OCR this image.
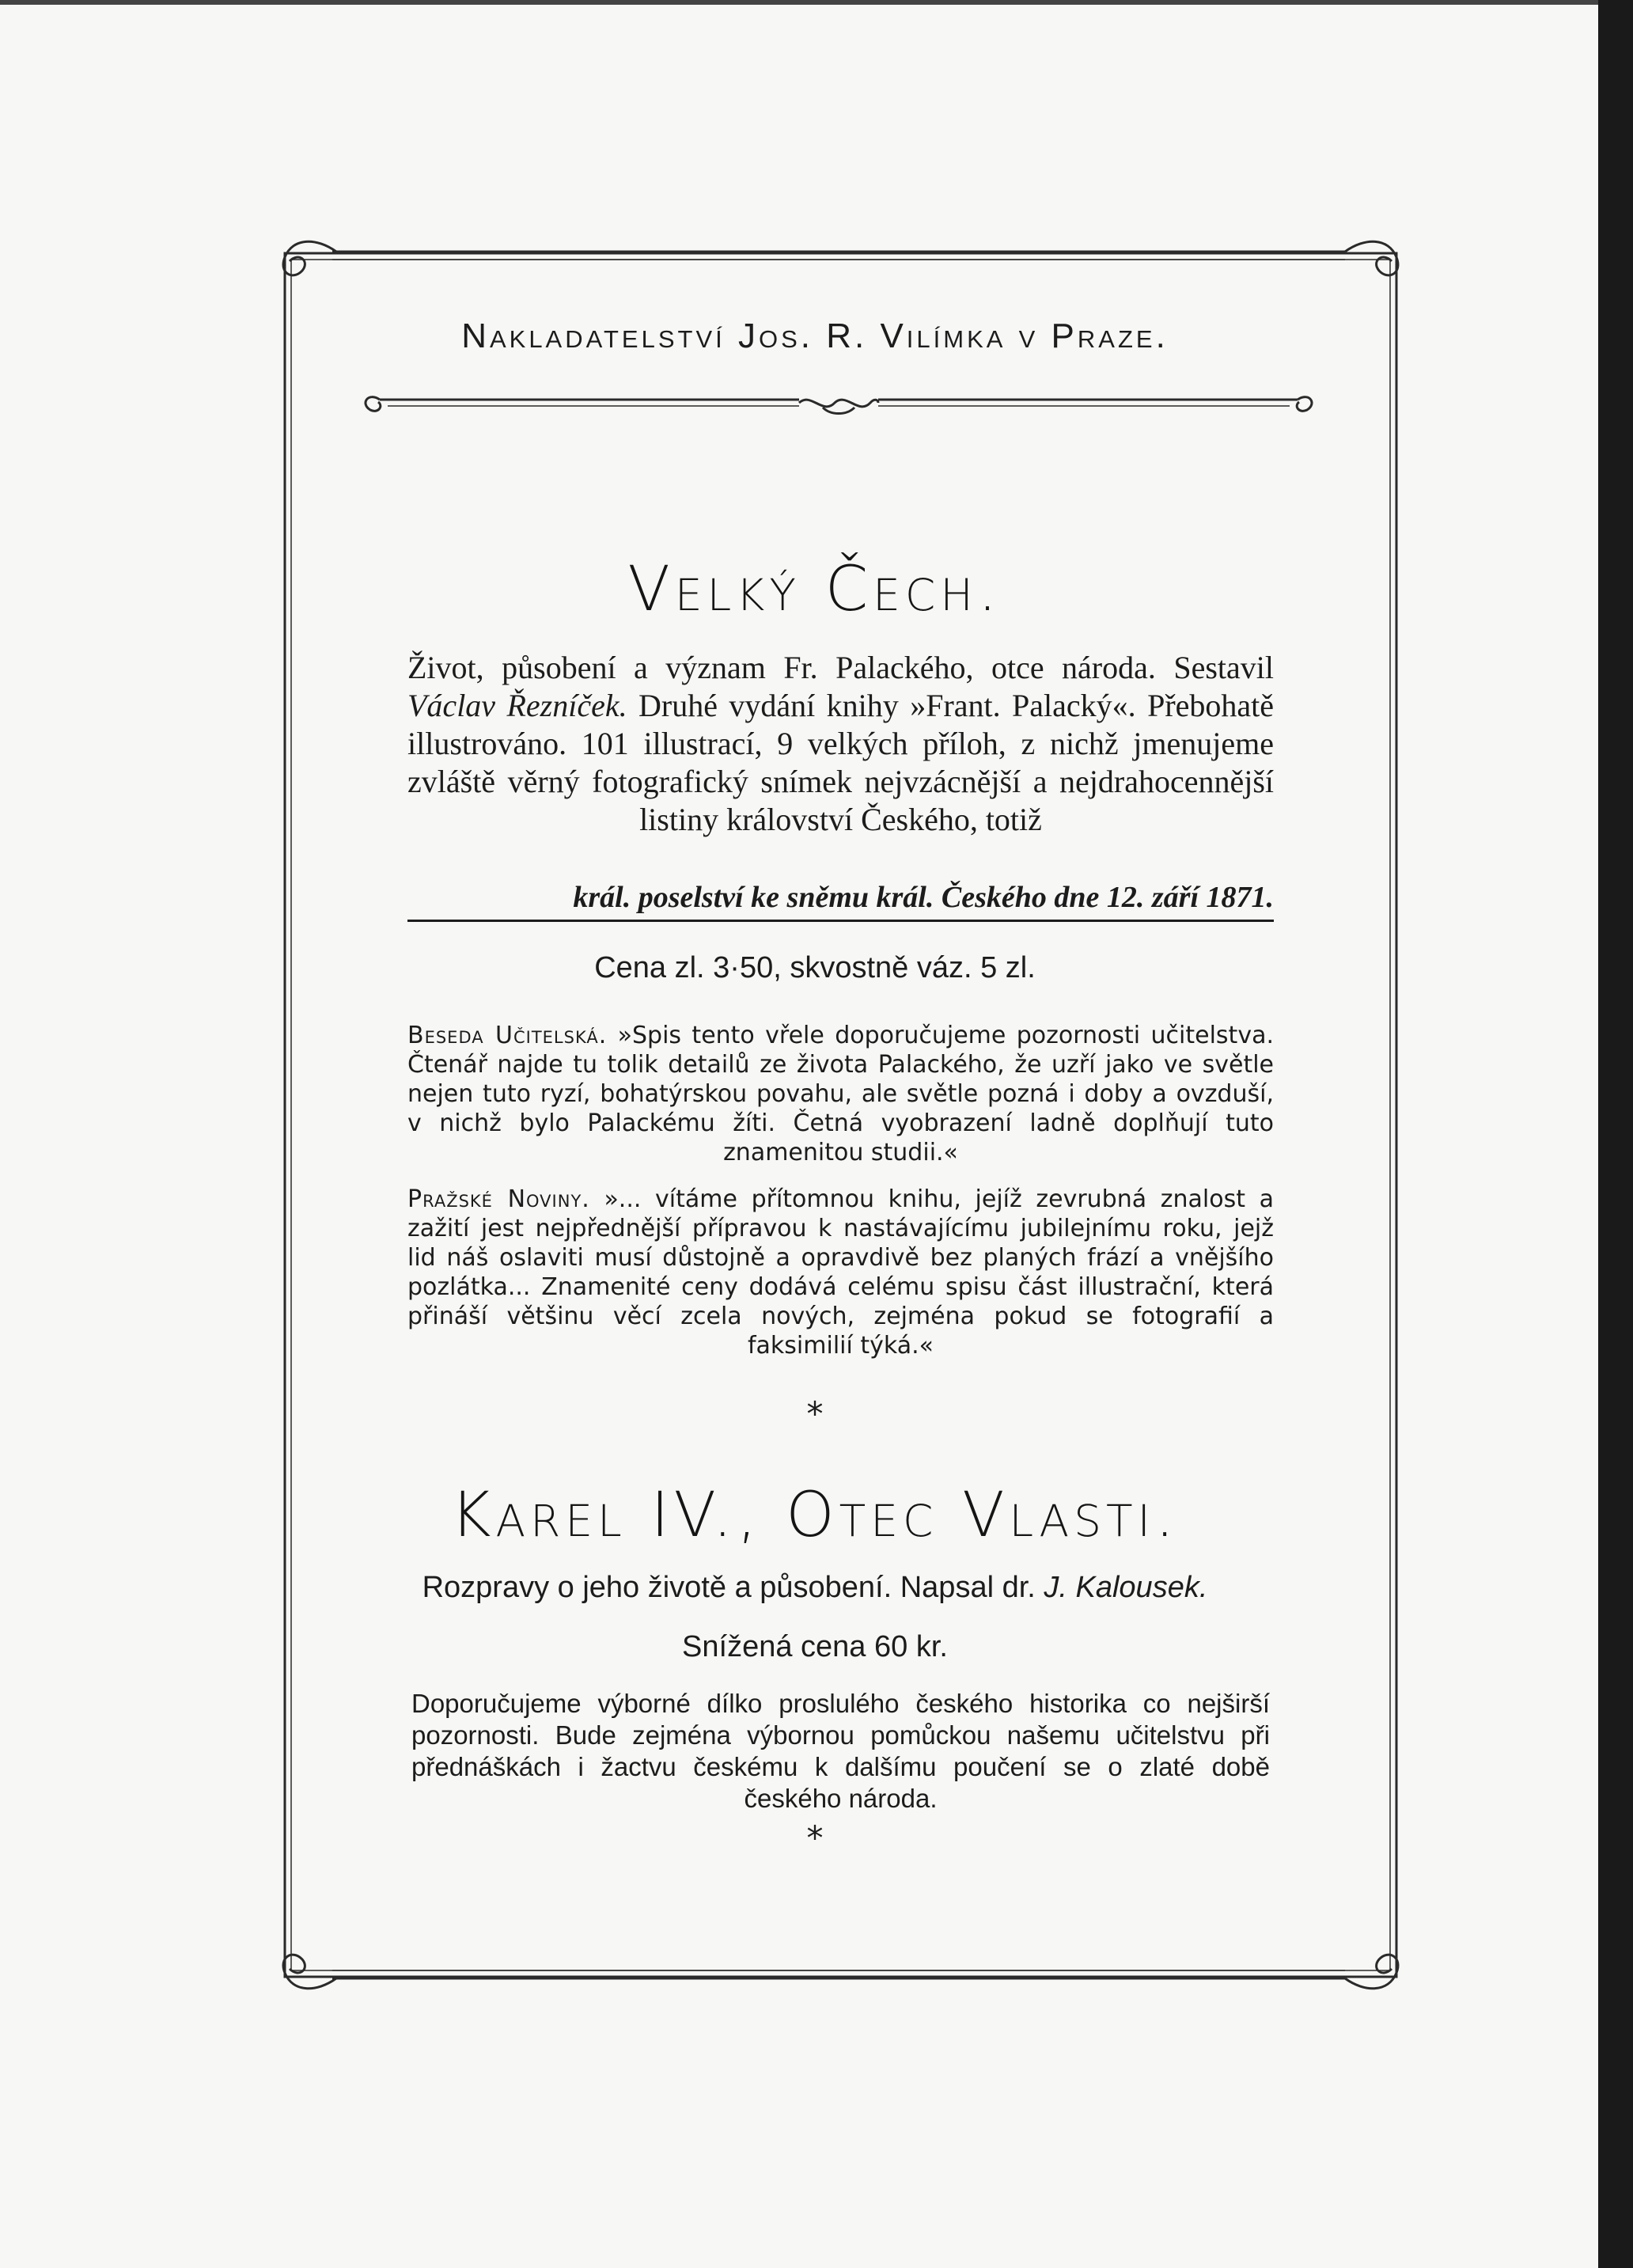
Nakladatelství Jos. R. Vilímka v Praze.
Velký Čech.
Život, působení a význam Fr. Palackého, otce národa. Sestavil Václav Řezníček. Druhé vydání knihy »Frant. Palacký«. Přebohatě illustrováno. 101 illustrací, 9 velkých příloh, z nichž jmenujeme zvláště věrný fotografický snímek nejvzácnější a nejdrahocennější listiny království Českého, totiž
král. poselství ke sněmu král. Českého dne 12. září 1871.
Cena zl. 3·50, skvostně váz. 5 zl.
Beseda Učitelská. »Spis tento vřele doporučujeme pozornosti učitelstva. Čtenář najde tu tolik detailů ze života Palackého, že uzří jako ve světle nejen tuto ryzí, bohatýrskou povahu, ale světle pozná i doby a ovzduší, v nichž bylo Palackému žíti. Četná vyobrazení ladně doplňují tuto znamenitou studii.«
Pražské Noviny. »... vítáme přítomnou knihu, jejíž zevrubná znalost a zažití jest nejpřednější přípravou k nastávajícímu jubilejnímu roku, jejž lid náš oslaviti musí důstojně a opravdivě bez planých frází a vnějšího pozlátka... Znamenité ceny dodává celému spisu část illustrační, která přináší většinu věcí zcela nových, zejména pokud se fotografií a faksimilií týká.«
*
Karel IV., Otec Vlasti.
Rozpravy o jeho životě a působení. Napsal dr. J. Kalousek.
Snížená cena 60 kr.
Doporučujeme výborné dílko proslulého českého historika co nejširší pozornosti. Bude zejména výbornou pomůckou našemu učitelstvu při přednáškách i žactvu českému k dalšímu poučení se o zlaté době českého národa.
*
